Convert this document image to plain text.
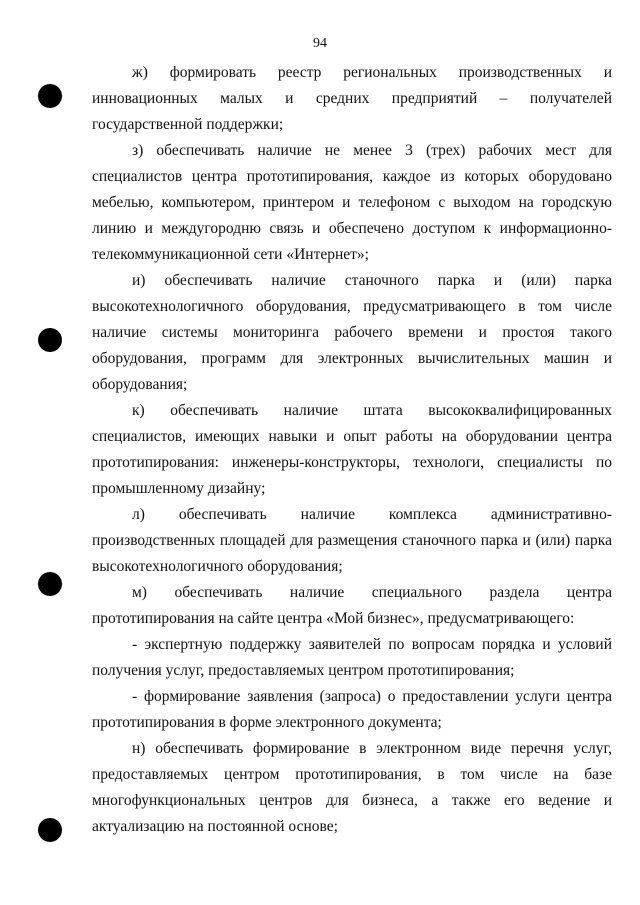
94

ж) формировать реестр региональных производственных и инновационных малых и средних предприятий – получателей государственной поддержки;

з) обеспечивать наличие не менее 3 (трех) рабочих мест для специалистов центра прототипирования, каждое из которых оборудовано мебелью, компьютером, принтером и телефоном с выходом на городскую линию и междугородню связь и обеспечено доступом к информационно-телекоммуникационной сети «Интернет»;

и) обеспечивать наличие станочного парка и (или) парка высокотехнологичного оборудования, предусматривающего в том числе наличие системы мониторинга рабочего времени и простоя такого оборудования, программ для электронных вычислительных машин и оборудования;

к) обеспечивать наличие штата высококвалифицированных специалистов, имеющих навыки и опыт работы на оборудовании центра прототипирования: инженеры-конструкторы, технологи, специалисты по промышленному дизайну;

л) обеспечивать наличие комплекса административно-производственных площадей для размещения станочного парка и (или) парка высокотехнологичного оборудования;

м) обеспечивать наличие специального раздела центра прототипирования на сайте центра «Мой бизнес», предусматривающего:

- экспертную поддержку заявителей по вопросам порядка и условий получения услуг, предоставляемых центром прототипирования;

- формирование заявления (запроса) о предоставлении услуги центра прототипирования в форме электронного документа;

н) обеспечивать формирование в электронном виде перечня услуг, предоставляемых центром прототипирования, в том числе на базе многофункциональных центров для бизнеса, а также его ведение и актуализацию на постоянной основе;
